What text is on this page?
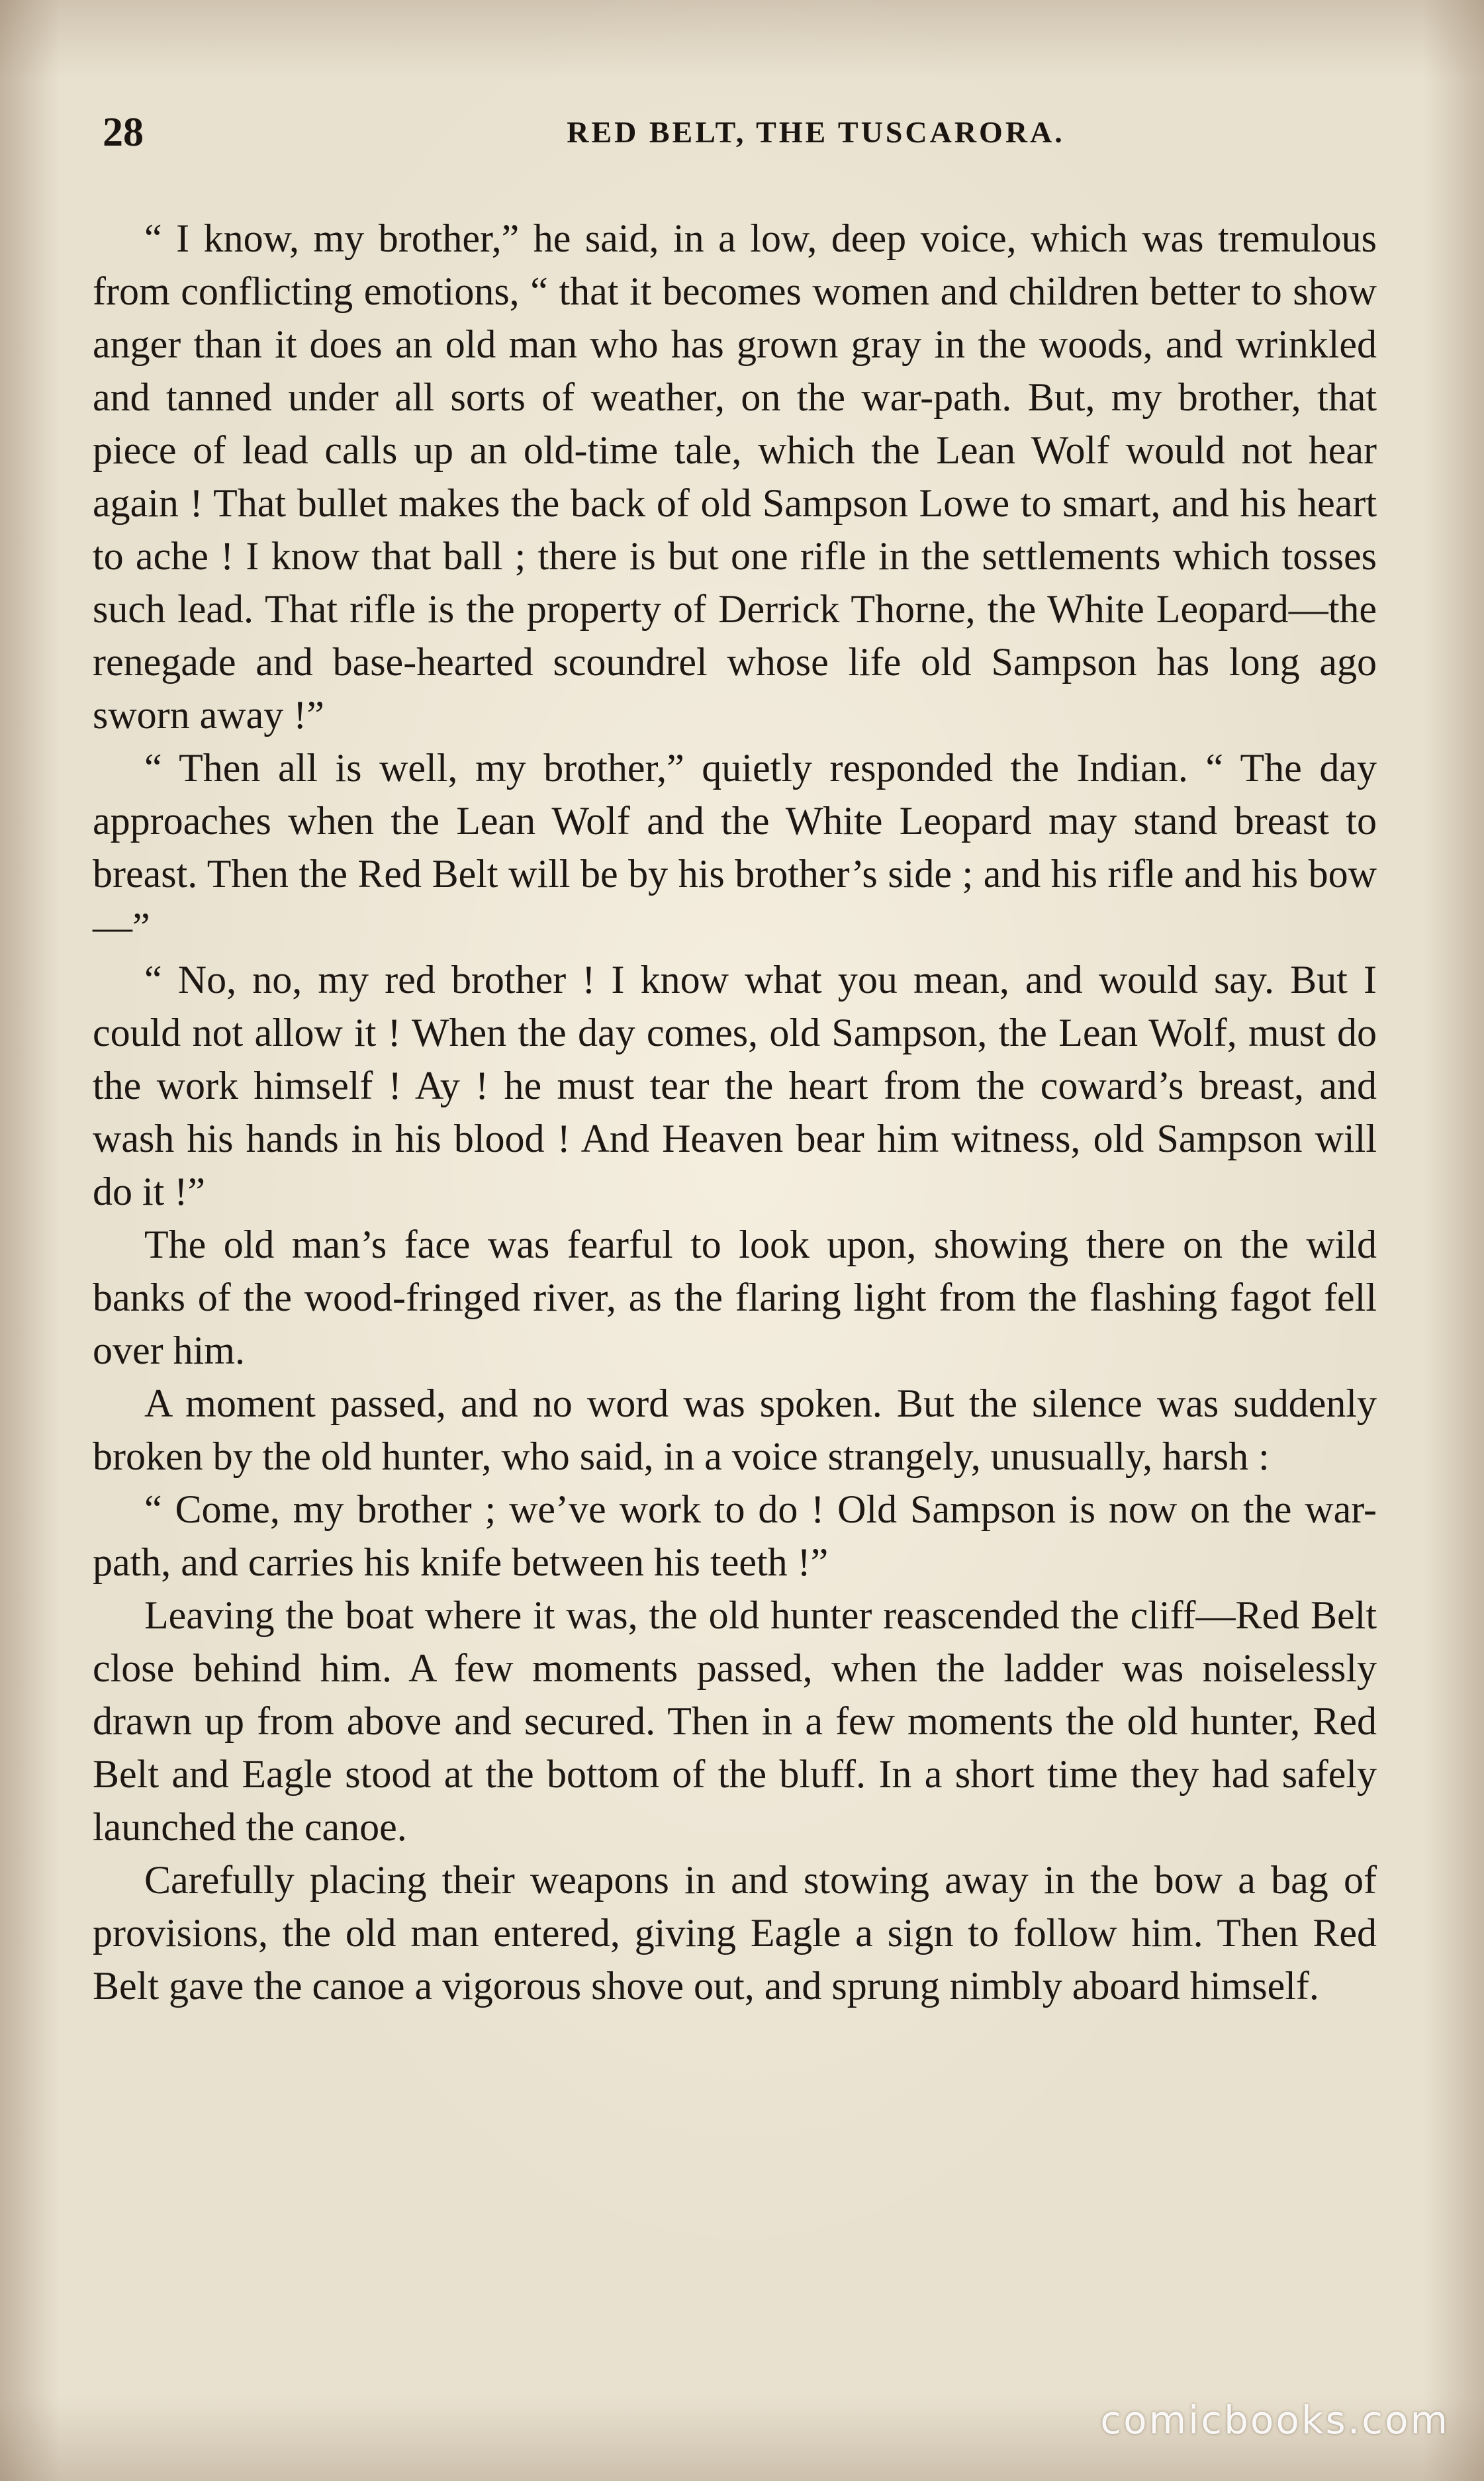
28	RED BELT, THE TUSCARORA.

“ I know, my brother,” he said, in a low, deep voice, which was tremulous from conflicting emotions, “ that it becomes women and children better to show anger than it does an old man who has grown gray in the woods, and wrinkled and tanned under all sorts of weather, on the war-path. But, my brother, that piece of lead calls up an old-time tale, which the Lean Wolf would not hear again ! That bullet makes the back of old Sampson Lowe to smart, and his heart to ache ! I know that ball ; there is but one rifle in the settlements which tosses such lead. That rifle is the property of Derrick Thorne, the White Leopard—the renegade and base-hearted scoundrel whose life old Sampson has long ago sworn away !”

“ Then all is well, my brother,” quietly responded the Indian. “ The day approaches when the Lean Wolf and the White Leopard may stand breast to breast. Then the Red Belt will be by his brother’s side ; and his rifle and his bow—”

“ No, no, my red brother ! I know what you mean, and would say. But I could not allow it ! When the day comes, old Sampson, the Lean Wolf, must do the work himself ! Ay ! he must tear the heart from the coward’s breast, and wash his hands in his blood ! And Heaven bear him witness, old Sampson will do it !”

The old man’s face was fearful to look upon, showing there on the wild banks of the wood-fringed river, as the flaring light from the flashing fagot fell over him.

A moment passed, and no word was spoken. But the silence was suddenly broken by the old hunter, who said, in a voice strangely, unusually, harsh :

“ Come, my brother ; we’ve work to do ! Old Sampson is now on the war-path, and carries his knife between his teeth !”

Leaving the boat where it was, the old hunter reascended the cliff—Red Belt close behind him. A few moments passed, when the ladder was noiselessly drawn up from above and secured. Then in a few moments the old hunter, Red Belt and Eagle stood at the bottom of the bluff. In a short time they had safely launched the canoe.

Carefully placing their weapons in and stowing away in the bow a bag of provisions, the old man entered, giving Eagle a sign to follow him. Then Red Belt gave the canoe a vigorous shove out, and sprung nimbly aboard himself.

comicbooks.com
